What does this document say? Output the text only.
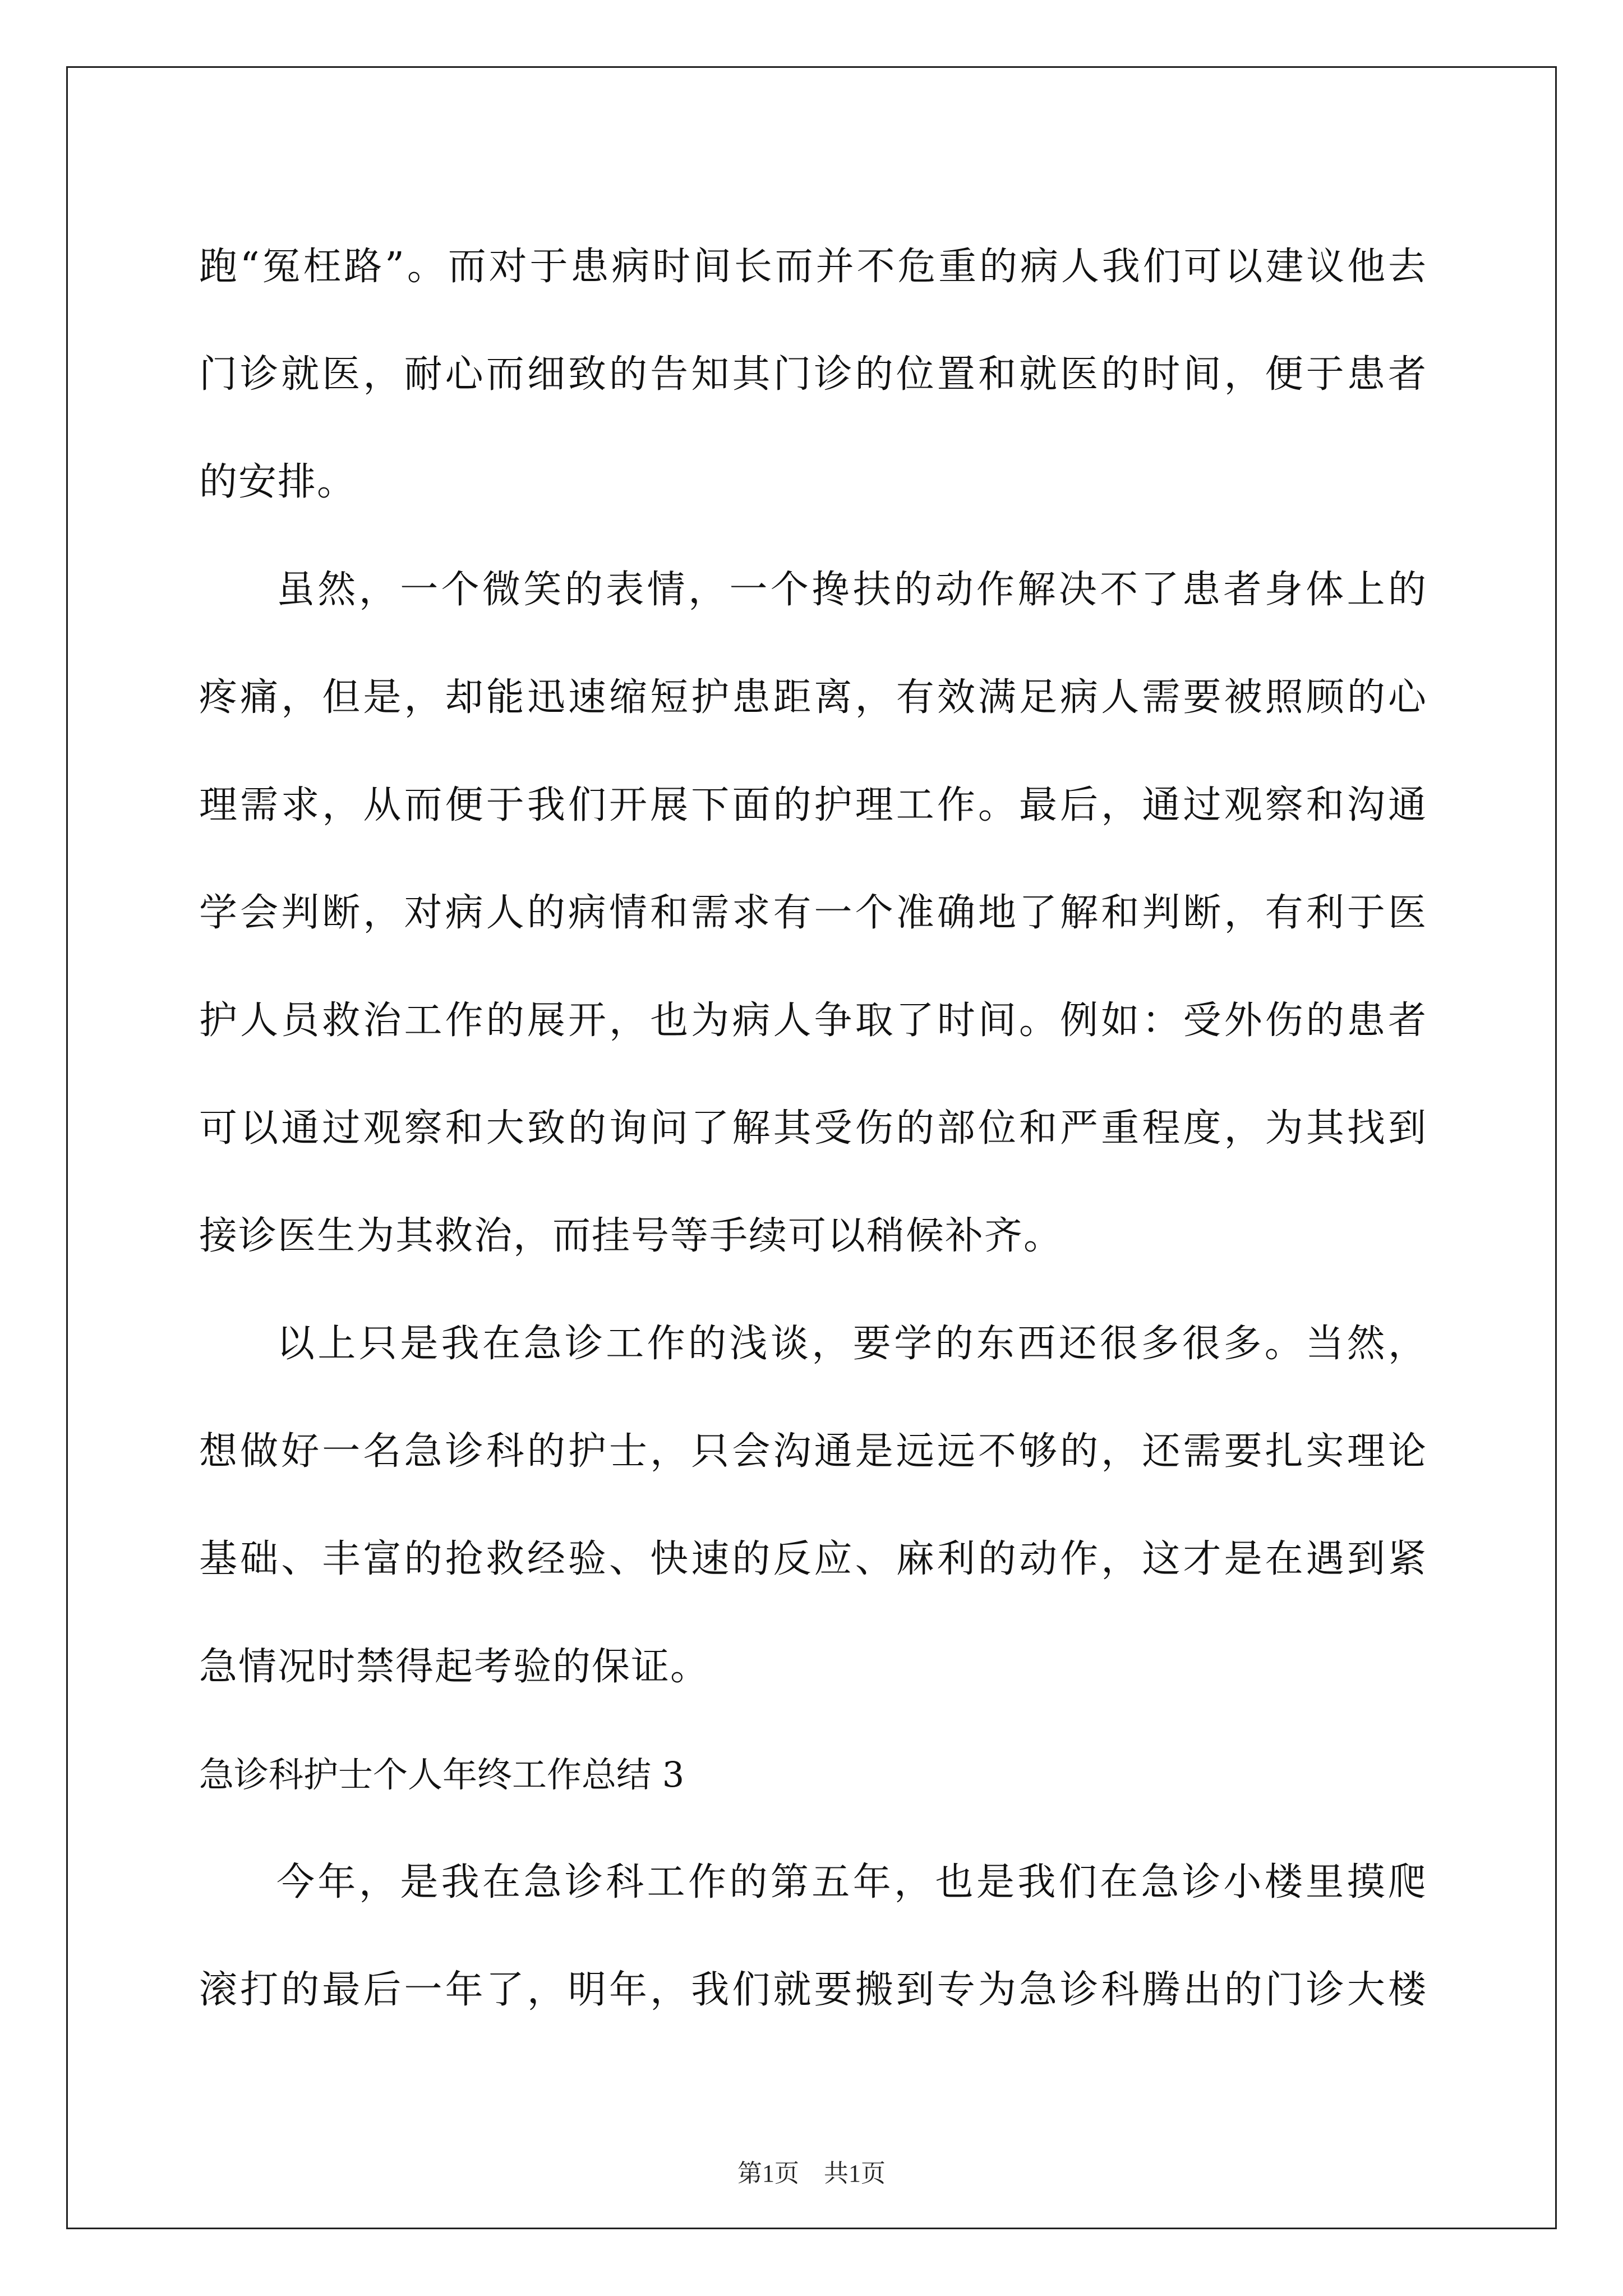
跑“冤枉路”。而对于患病时间长而并不危重的病人我们可以建议他去
门诊就医，耐心而细致的告知其门诊的位置和就医的时间，便于患者
的安排。
虽然，一个微笑的表情，一个搀扶的动作解决不了患者身体上的
疼痛，但是，却能迅速缩短护患距离，有效满足病人需要被照顾的心
理需求，从而便于我们开展下面的护理工作。最后，通过观察和沟通
学会判断，对病人的病情和需求有一个准确地了解和判断，有利于医
护人员救治工作的展开，也为病人争取了时间。例如：受外伤的患者
可以通过观察和大致的询问了解其受伤的部位和严重程度，为其找到
接诊医生为其救治，而挂号等手续可以稍候补齐。
以上只是我在急诊工作的浅谈，要学的东西还很多很多。当然，
想做好一名急诊科的护士，只会沟通是远远不够的，还需要扎实理论
基础、丰富的抢救经验、快速的反应、麻利的动作，这才是在遇到紧
急情况时禁得起考验的保证。
急诊科护士个人年终工作总结 3
今年，是我在急诊科工作的第五年，也是我们在急诊小楼里摸爬
滚打的最后一年了，明年，我们就要搬到专为急诊科腾出的门诊大楼
第1页　共1页
